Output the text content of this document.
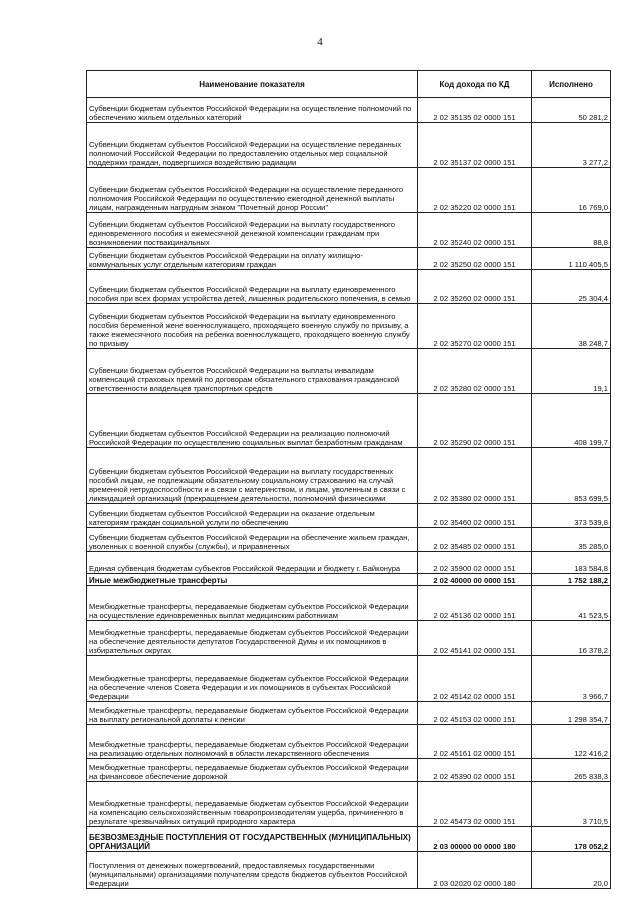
4
Наименование показателя	Код дохода по КД	Исполнено
Субвенции бюджетам субъектов Российской Федерации на осуществление полномочий по обеспечению жильем отдельных категорий	2 02 35135 02 0000 151	50 281,2
Субвенции бюджетам субъектов Российской Федерации на осуществление переданных полномочий Российской Федерации по предоставлению отдельных мер социальной поддержки граждан, подвергшихся воздействию радиации	2 02 35137 02 0000 151	3 277,2
Субвенции бюджетам субъектов Российской Федерации на осуществление переданного полномочия Российской Федерации по осуществлению ежегодной денежной выплаты лицам, награжденным нагрудным знаком "Почетный донор России"	2 02 35220 02 0000 151	16 769,0
Субвенции бюджетам субъектов Российской Федерации на выплату государственного единовременного пособия и ежемесячной денежной компенсации гражданам при возникновении поствакцинальных	2 02 35240 02 0000 151	88,8
Субвенции бюджетам субъектов Российской Федерации на оплату жилищно-коммунальных услуг отдельным категориям граждан	2 02 35250 02 0000 151	1 110 405,5
Субвенции бюджетам субъектов Российской Федерации на выплату единовременного пособия при всех формах устройства детей, лишенных родительского попечения, в семью	2 02 35260 02 0000 151	25 304,4
Субвенции бюджетам субъектов Российской Федерации на выплату единовременного пособия беременной жене военнослужащего, проходящего военную службу по призыву, а также ежемесячного пособия на ребенка военнослужащего, проходящего военную службу по призыву	2 02 35270 02 0000 151	38 248,7
Субвенции бюджетам субъектов Российской Федерации на выплаты инвалидам компенсаций страховых премий по договорам обязательного страхования гражданской ответственности владельцев транспортных средств	2 02 35280 02 0000 151	19,1
Субвенции бюджетам субъектов Российской Федерации на реализацию полномочий Российской Федерации по осуществлению социальных выплат безработным гражданам	2 02 35290 02 0000 151	408 199,7
Субвенции бюджетам субъектов Российской Федерации на выплату государственных пособий лицам, не подлежащим обязательному социальному страхованию на случай временной нетрудоспособности и в связи с материнством, и лицам, уволенным в связи с ликвидацией организаций (прекращением деятельности, полномочий физическими	2 02 35380 02 0000 151	853 699,5
Субвенции бюджетам субъектов Российской Федерации на оказание отдельным категориям граждан социальной услуги по обеспечению	2 02 35460 02 0000 151	373 539,8
Субвенции бюджетам субъектов Российской Федерации на обеспечение жильем граждан, уволенных с военной службы (службы), и приравненных	2 02 35485 02 0000 151	35 285,0
Единая субвенция бюджетам субъектов Российской Федерации и бюджету г. Байконура	2 02 35900 02 0000 151	183 584,8
Иные межбюджетные трансферты	2 02 40000 00 0000 151	1 752 188,2
Межбюджетные трансферты, передаваемые бюджетам субъектов Российской Федерации на осуществление единовременных выплат медицинским работникам	2 02 45136 02 0000 151	41 523,5
Межбюджетные трансферты, передаваемые бюджетам субъектов Российской Федерации на обеспечение деятельности депутатов Государственной Думы и их помощников в избирательных округах	2 02 45141 02 0000 151	16 378,2
Межбюджетные трансферты, передаваемые бюджетам субъектов Российской Федерации на обеспечение членов Совета Федерации и их помощников в субъектах Российской Федерации	2 02 45142 02 0000 151	3 966,7
Межбюджетные трансферты, передаваемые бюджетам субъектов Российской Федерации на выплату региональной доплаты к пенсии	2 02 45153 02 0000 151	1 298 354,7
Межбюджетные трансферты, передаваемые бюджетам субъектов Российской Федерации на реализацию отдельных полномочий в области лекарственного обеспечения	2 02 45161 02 0000 151	122 416,2
Межбюджетные трансферты, передаваемые бюджетам субъектов Российской Федерации на финансовое обеспечение дорожной	2 02 45390 02 0000 151	265 838,3
Межбюджетные трансферты, передаваемые бюджетам субъектов Российской Федерации на компенсацию сельскохозяйственным товаропроизводителям ущерба, причиненного в результате чрезвычайных ситуаций природного характера	2 02 45473 02 0000 151	3 710,5
БЕЗВОЗМЕЗДНЫЕ ПОСТУПЛЕНИЯ ОТ ГОСУДАРСТВЕННЫХ (МУНИЦИПАЛЬНЫХ) ОРГАНИЗАЦИЙ	2 03 00000 00 0000 180	178 052,2
Поступления от денежных пожертвований, предоставляемых государственными (муниципальными) организациями получателям средств бюджетов субъектов Российской Федерации	2 03 02020 02 0000 180	20,0
